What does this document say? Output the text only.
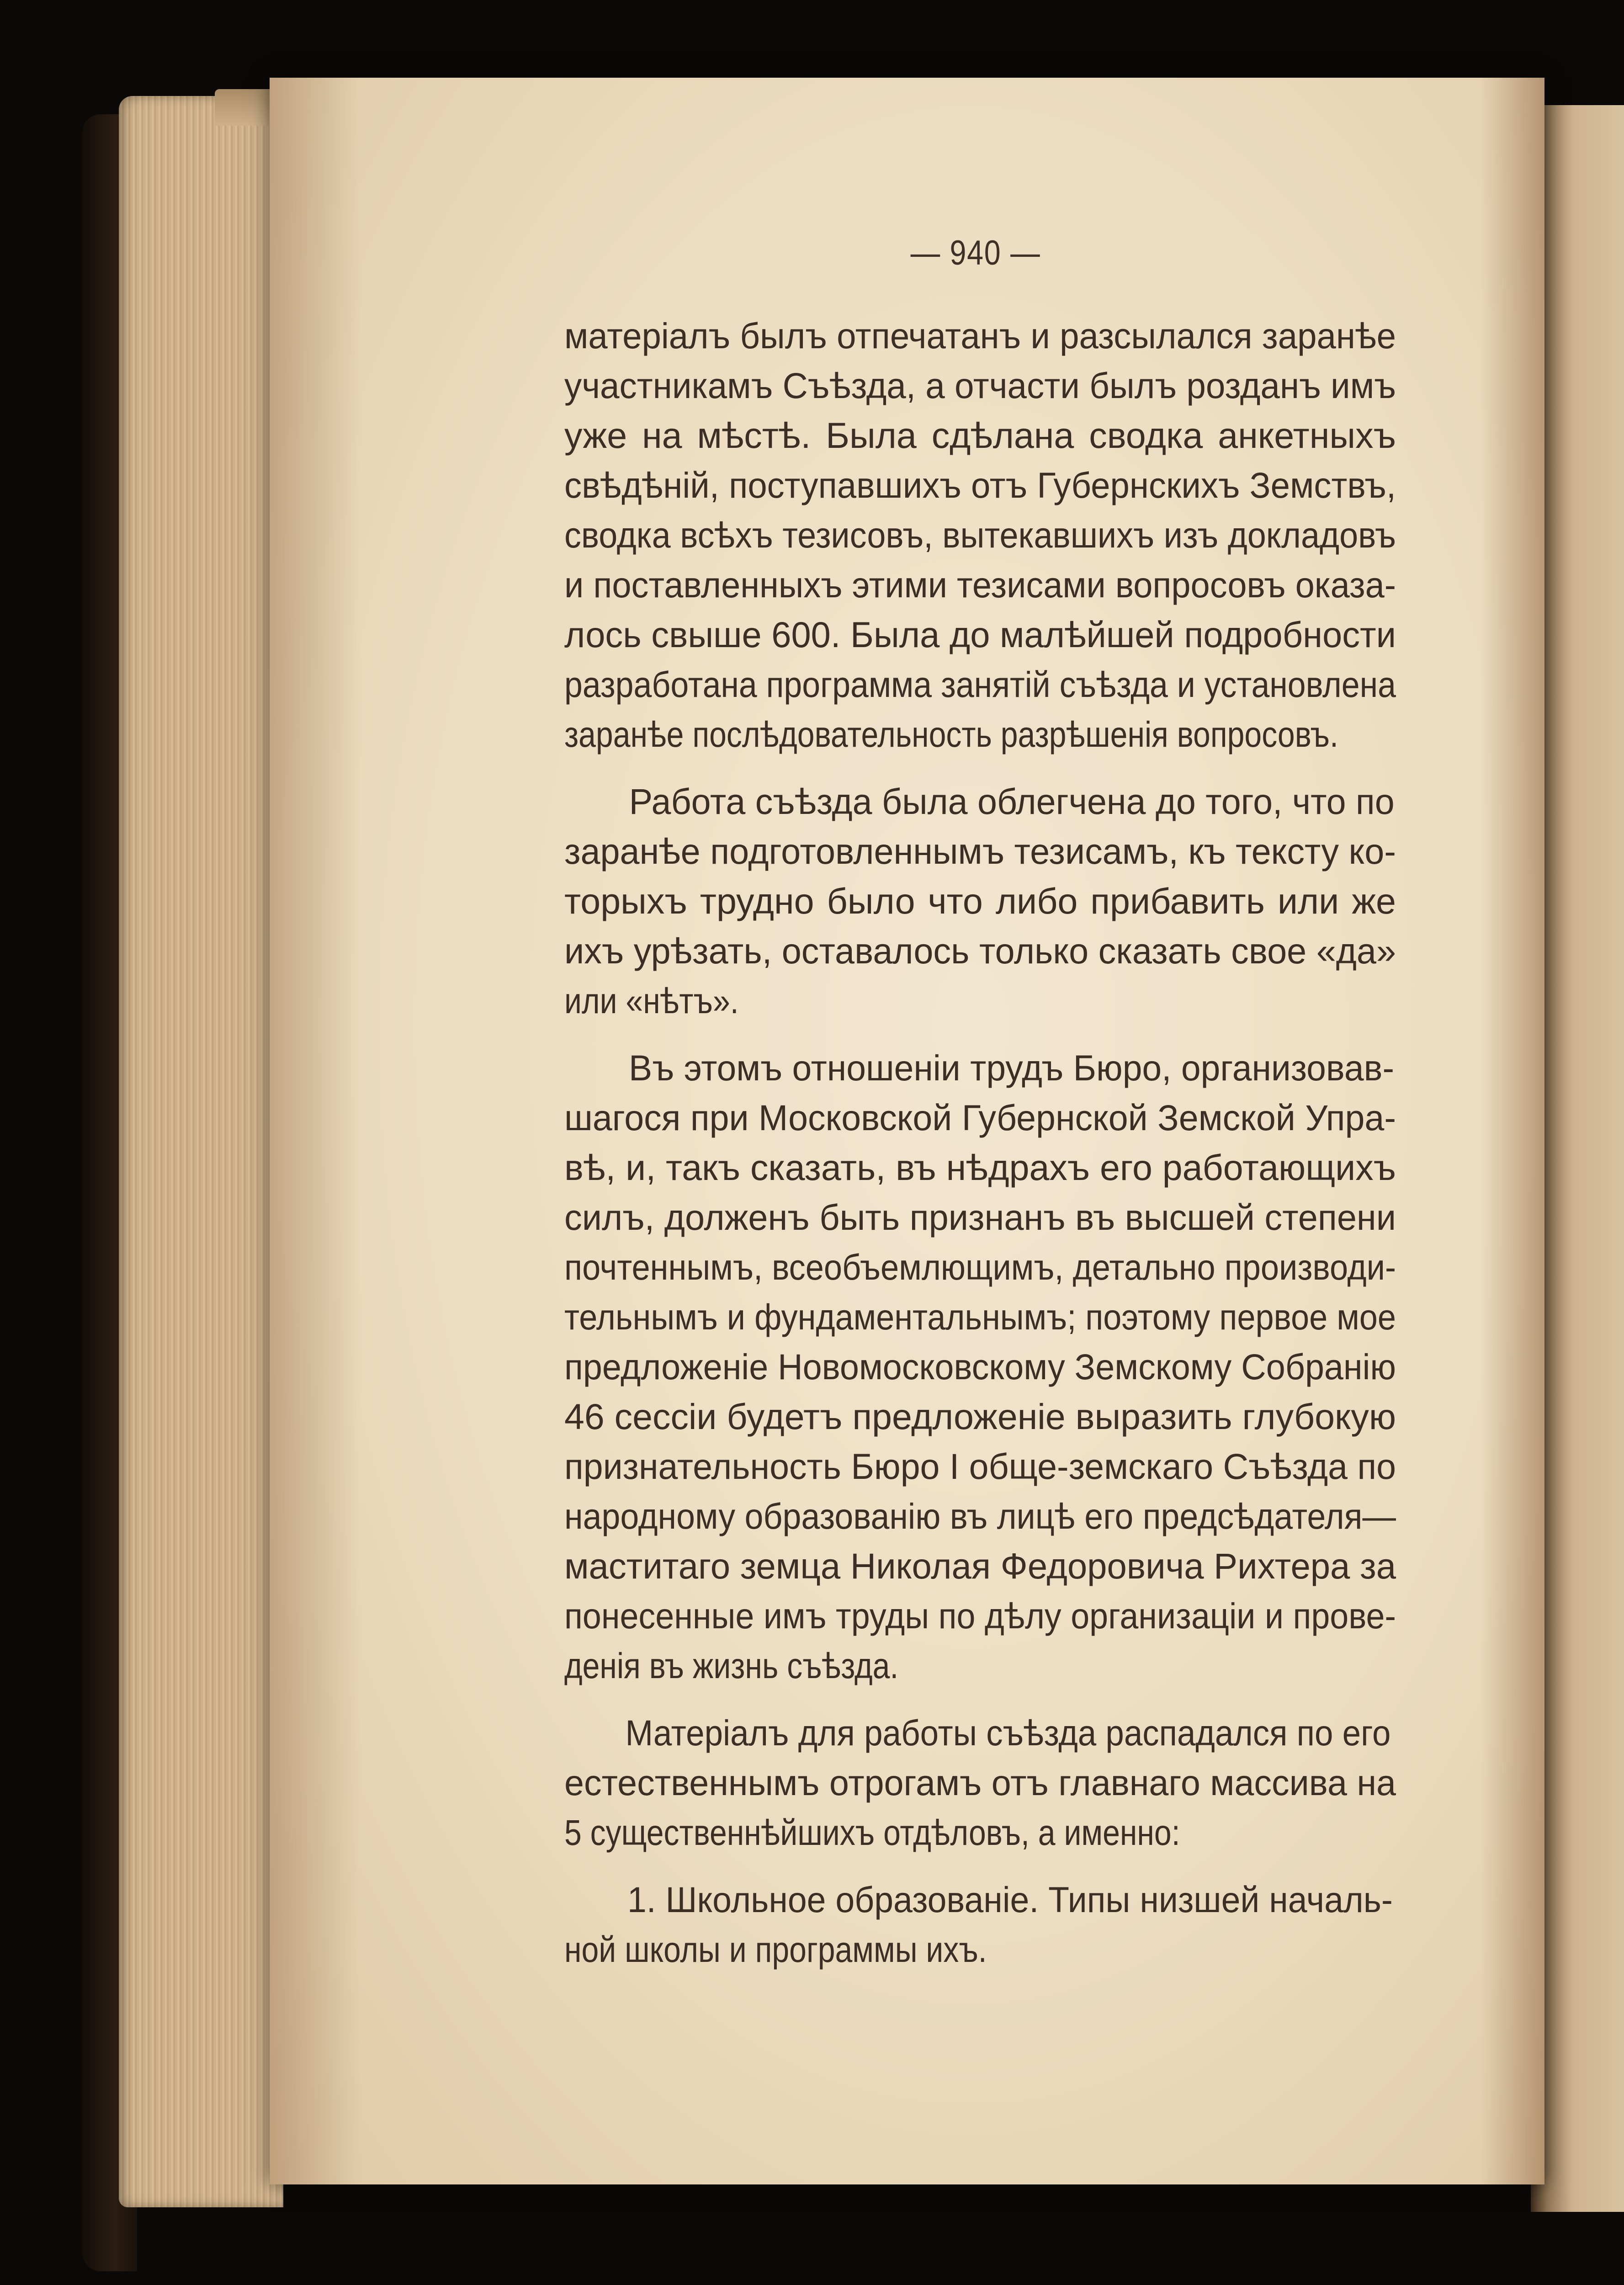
— 940 —
матеріалъ былъ отпечатанъ и разсылался заранѣе
участникамъ Съѣзда, а отчасти былъ розданъ имъ
уже на мѣстѣ. Была сдѣлана сводка анкетныхъ
свѣдѣній, поступавшихъ отъ Губернскихъ Земствъ,
сводка всѣхъ тезисовъ, вытекавшихъ изъ докладовъ
и поставленныхъ этими тезисами вопросовъ оказа-
лось свыше 600. Была до малѣйшей подробности
разработана программа занятій съѣзда и установлена
заранѣе послѣдовательность разрѣшенія вопросовъ.
Работа съѣзда была облегчена до того, что по
заранѣе подготовленнымъ тезисамъ, къ тексту ко-
торыхъ трудно было что либо прибавить или же
ихъ урѣзать, оставалось только сказать свое «да»
или «нѣтъ».
Въ этомъ отношеніи трудъ Бюро, организовав-
шагося при Московской Губернской Земской Упра-
вѣ, и, такъ сказать, въ нѣдрахъ его работающихъ
силъ, долженъ быть признанъ въ высшей степени
почтеннымъ, всеобъемлющимъ, детально производи-
тельнымъ и фундаментальнымъ; поэтому первое мое
предложеніе Новомосковскому Земскому Собранію
46 сессіи будетъ предложеніе выразить глубокую
признательность Бюро I обще-земскаго Съѣзда по
народному образованію въ лицѣ его предсѣдателя—
маститаго земца Николая Федоровича Рихтера за
понесенные имъ труды по дѣлу организаціи и прове-
денія въ жизнь съѣзда.
Матеріалъ для работы съѣзда распадался по его
естественнымъ отрогамъ отъ главнаго массива на
5 существеннѣйшихъ отдѣловъ, а именно:
1. Школьное образованіе. Типы низшей началь-
ной школы и программы ихъ.
